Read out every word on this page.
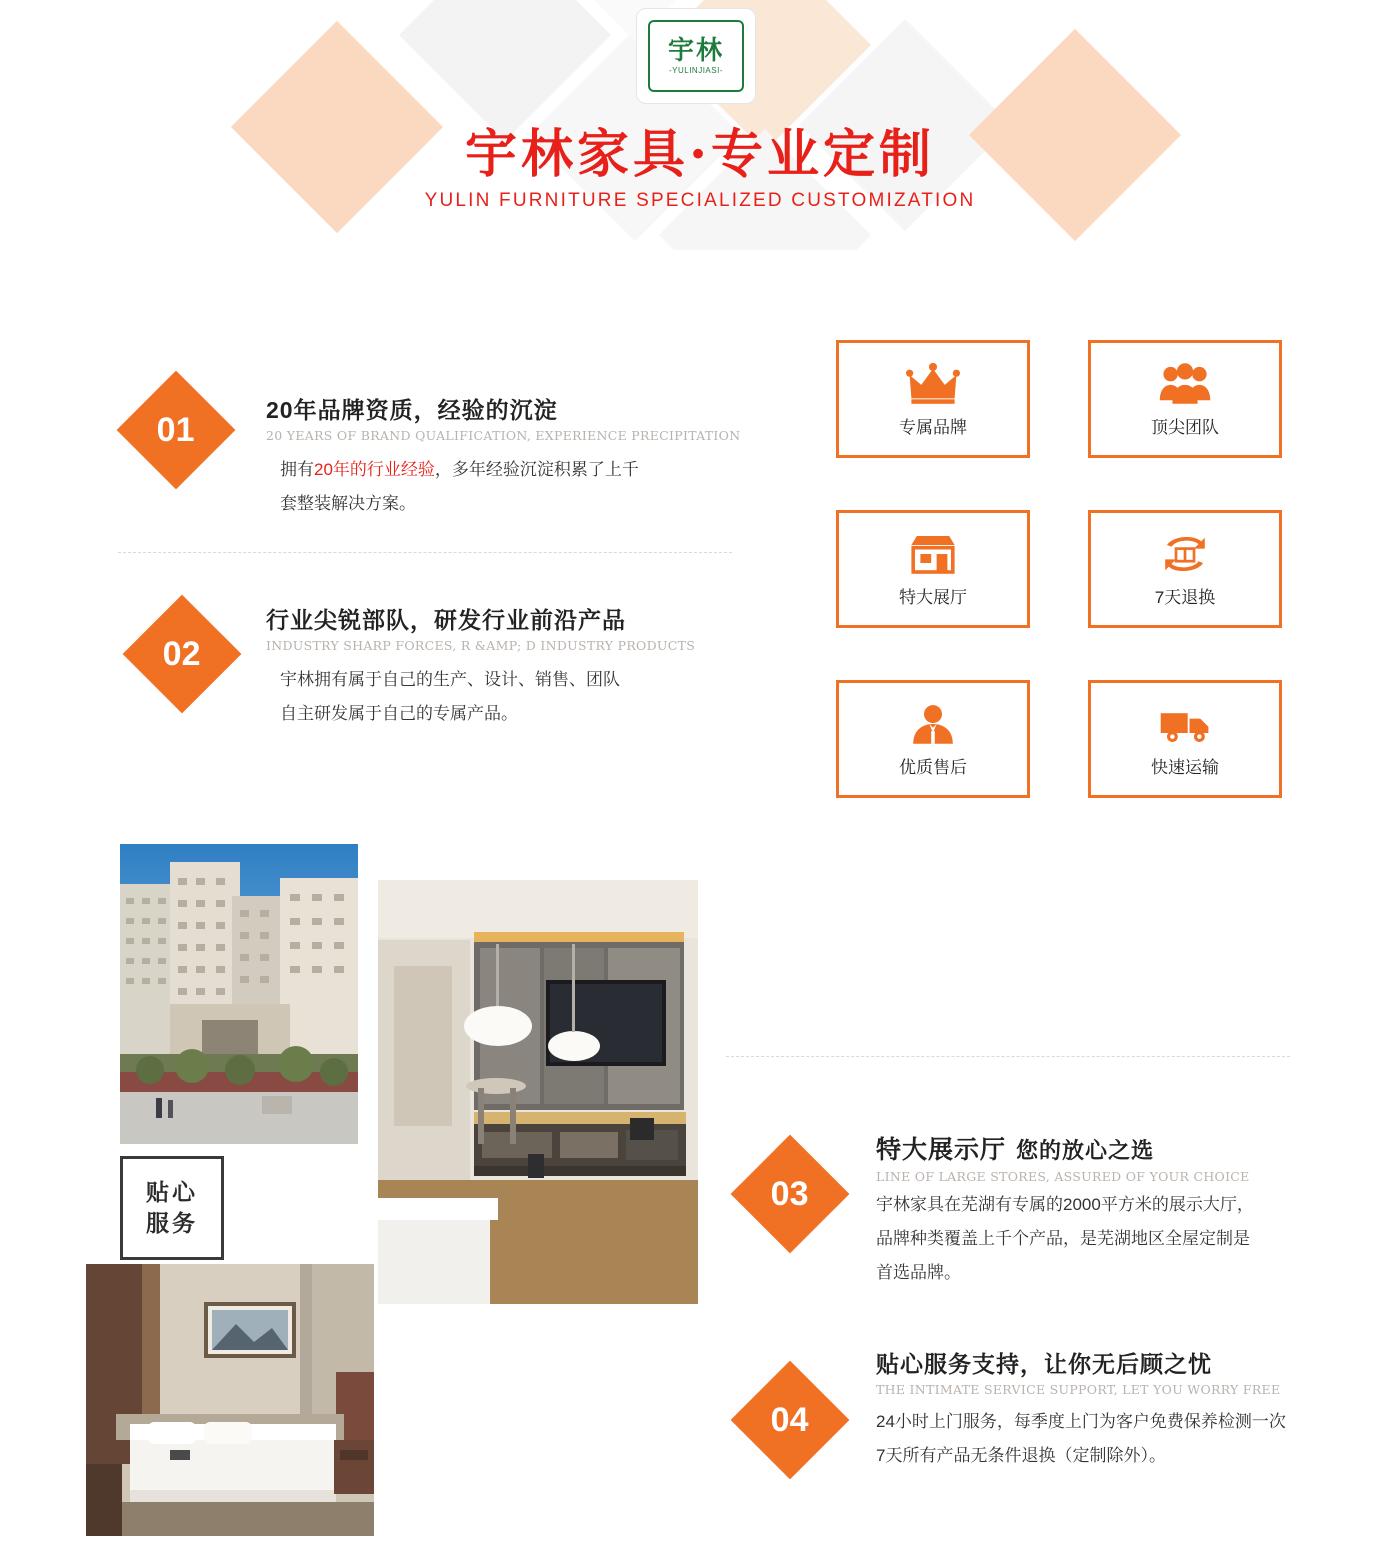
宇林
-YULINJIASI-
宇林家具·专业定制
YULIN FURNITURE SPECIALIZED CUSTOMIZATION
01
20年品牌资质，经验的沉淀
20 YEARS OF BRAND QUALIFICATION, EXPERIENCE PRECIPITATION
拥有20年的行业经验，多年经验沉淀积累了上千
套整装解决方案。
02
行业尖锐部队，研发行业前沿产品
INDUSTRY SHARP FORCES, R &AMP; D INDUSTRY PRODUCTS
宇林拥有属于自己的生产、设计、销售、团队
自主研发属于自己的专属产品。
专属品牌	顶尖团队
特大展厅	7天退换
优质售后	快速运输
贴心
服务
03
特大展示厅 您的放心之选
LINE OF LARGE STORES, ASSURED OF YOUR CHOICE
宇林家具在芜湖有专属的2000平方米的展示大厅，
品牌种类覆盖上千个产品，是芜湖地区全屋定制是
首选品牌。
04
贴心服务支持，让你无后顾之忧
THE INTIMATE SERVICE SUPPORT, LET YOU WORRY FREE
24小时上门服务，每季度上门为客户免费保养检测一次
7天所有产品无条件退换（定制除外）。
